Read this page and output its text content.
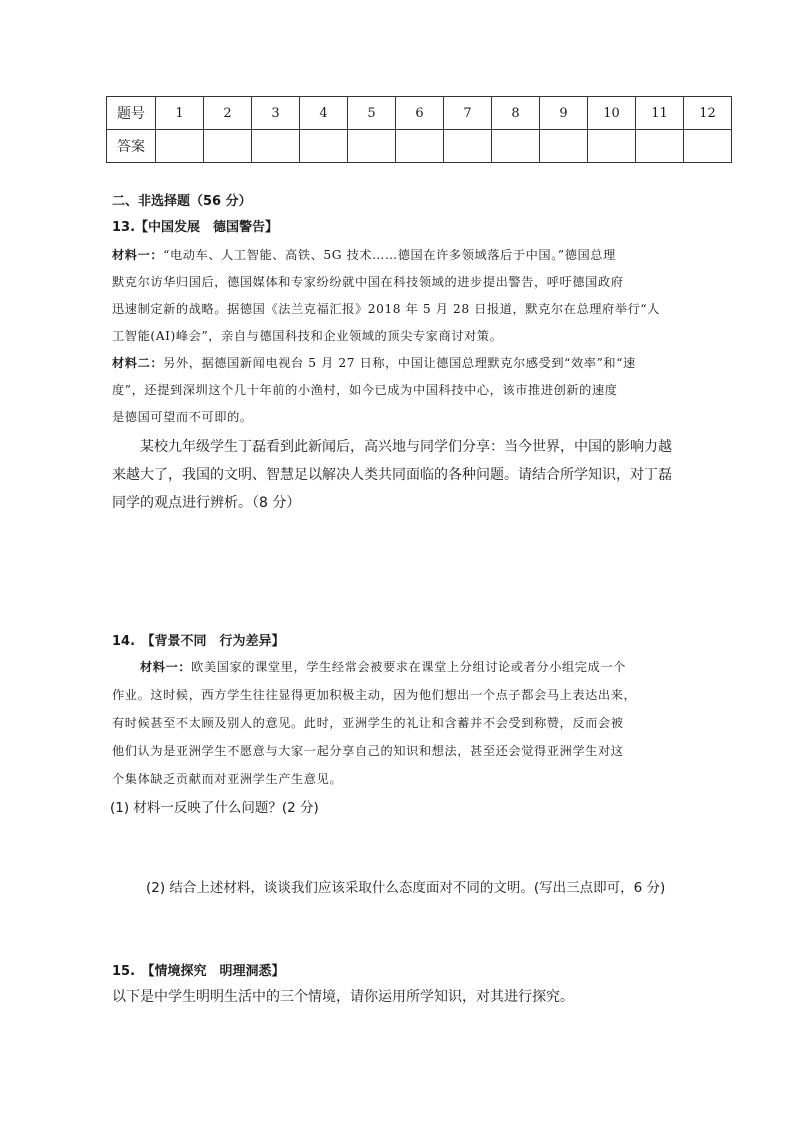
题号	1	2	3	4	5	6	7	8	9	10	11	12
答案												
二、非选择题（56 分）
13.【中国发展　德国警告】
材料一：“电动车、人工智能、高铁、5G 技术……德国在许多领域落后于中国。”德国总理
默克尔访华归国后，德国媒体和专家纷纷就中国在科技领域的进步提出警告，呼吁德国政府
迅速制定新的战略。据德国《法兰克福汇报》2018 年 5 月 28 日报道，默克尔在总理府举行“人
工智能(AI)峰会”，亲自与德国科技和企业领域的顶尖专家商讨对策。
材料二：另外，据德国新闻电视台 5 月 27 日称，中国让德国总理默克尔感受到“效率”和“速
度”，还提到深圳这个几十年前的小渔村，如今已成为中国科技中心，该市推进创新的速度
是德国可望而不可即的。
某校九年级学生丁磊看到此新闻后，高兴地与同学们分享：当今世界，中国的影响力越
来越大了，我国的文明、智慧足以解决人类共同面临的各种问题。请结合所学知识，对丁磊
同学的观点进行辨析。（8 分）
14.　【背景不同　行为差异】
材料一：欧美国家的课堂里，学生经常会被要求在课堂上分组讨论或者分小组完成一个
作业。这时候，西方学生往往显得更加积极主动，因为他们想出一个点子都会马上表达出来，
有时候甚至不太顾及别人的意见。此时，亚洲学生的礼让和含蓄并不会受到称赞，反而会被
他们认为是亚洲学生不愿意与大家一起分享自己的知识和想法，甚至还会觉得亚洲学生对这
个集体缺乏贡献而对亚洲学生产生意见。
(1) 材料一反映了什么问题？(2 分)
(2) 结合上述材料，谈谈我们应该采取什么态度面对不同的文明。(写出三点即可，6 分)
15.　【情境探究　明理洞悉】
以下是中学生明明生活中的三个情境，请你运用所学知识，对其进行探究。
